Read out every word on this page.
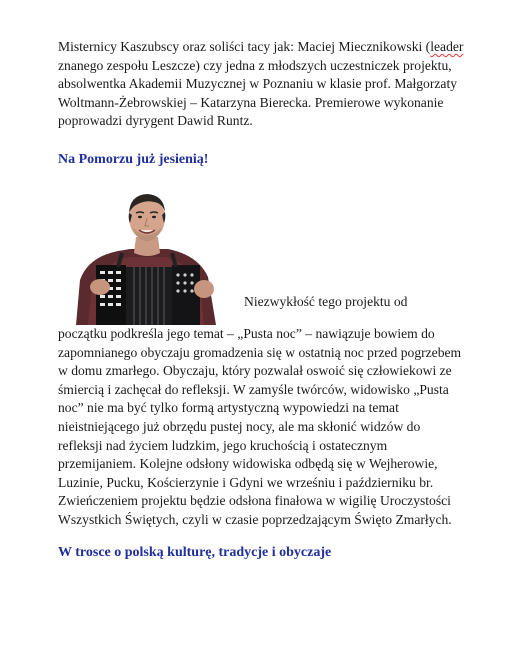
Misternicy Kaszubscy oraz soliści tacy jak: Maciej Miecznikowski (leader znanego zespołu Leszcze) czy jedna z młodszych uczestniczek projektu, absolwentka Akademii Muzycznej w Poznaniu w klasie prof. Małgorzaty Woltmann-Żebrowskiej – Katarzyna Bierecka. Premierowe wykonanie poprowadzi dyrygent Dawid Runtz.

Na Pomorzu już jesienią!
Niezwykłość tego projektu od

początku podkreśla jego temat – „Pusta noc” – nawiązuje bowiem do zapomnianego obyczaju gromadzenia się w ostatnią noc przed pogrzebem w domu zmarłego. Obyczaju, który pozwalał oswoić się człowiekowi ze śmiercią i zachęcał do refleksji. W zamyśle twórców, widowisko „Pusta noc” nie ma być tylko formą artystyczną wypowiedzi na temat nieistniejącego już obrzędu pustej nocy, ale ma skłonić widzów do refleksji nad życiem ludzkim, jego kruchością i ostatecznym przemijaniem. Kolejne odsłony widowiska odbędą się w Wejherowie, Luzinie, Pucku, Kościerzynie i Gdyni we wrześniu i październiku br. Zwieńczeniem projektu będzie odsłona finałowa w wigilię Uroczystości Wszystkich Świętych, czyli w czasie poprzedzającym Święto Zmarłych.

W trosce o polską kulturę, tradycje i obyczaje
